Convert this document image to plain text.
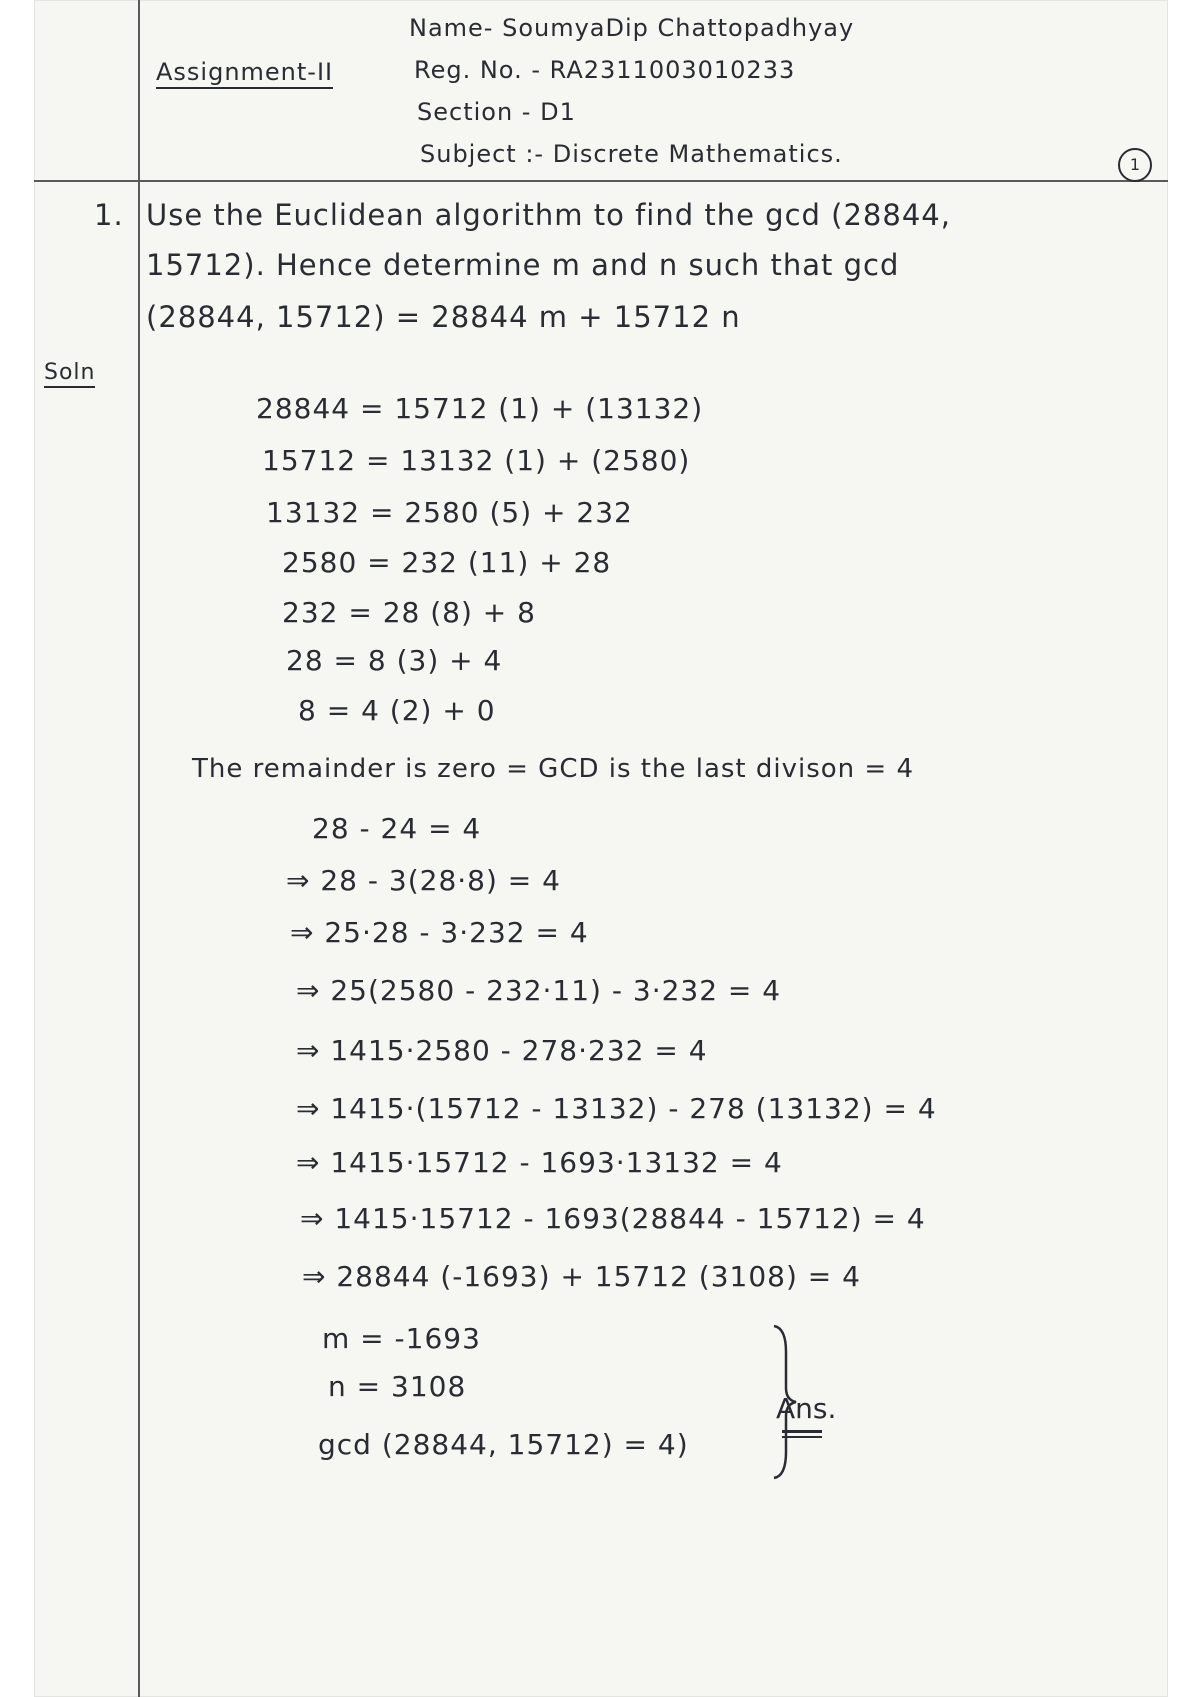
Assignment-II
Name- SoumyaDip Chattopadhyay
Reg. No. - RA2311003010233
Section - D1
Subject :- Discrete Mathematics.
1. Use the Euclidean algorithm to find the gcd (28844,
15712). Hence determine m and n such that gcd
(28844, 15712) = 28844 m + 15712 n
Soln
28844 = 15712 (1) + (13132)
15712 = 13132 (1) + (2580)
13132 = 2580 (5) + 232
2580 = 232 (11) + 28
232 = 28 (8) + 8
28 = 8 (3) + 4
8 = 4 (2) + 0
The remainder is zero = GCD is the last divison = 4
28 - 24 = 4
⇒ 28 - 3(28·8) = 4
⇒ 25·28 - 3·232 = 4
⇒ 25(2580 - 232·11) - 3·232 = 4
⇒ 1415·2580 - 278·232 = 4
⇒ 1415·(15712 - 13132) - 278 (13132) = 4
⇒ 1415·15712 - 1693·13132 = 4
⇒ 1415·15712 - 1693(28844 - 15712) = 4
⇒ 28844 (-1693) + 15712 (3108) = 4
m = -1693
n = 3108
gcd (28844, 15712) = 4)
Ans.
1
